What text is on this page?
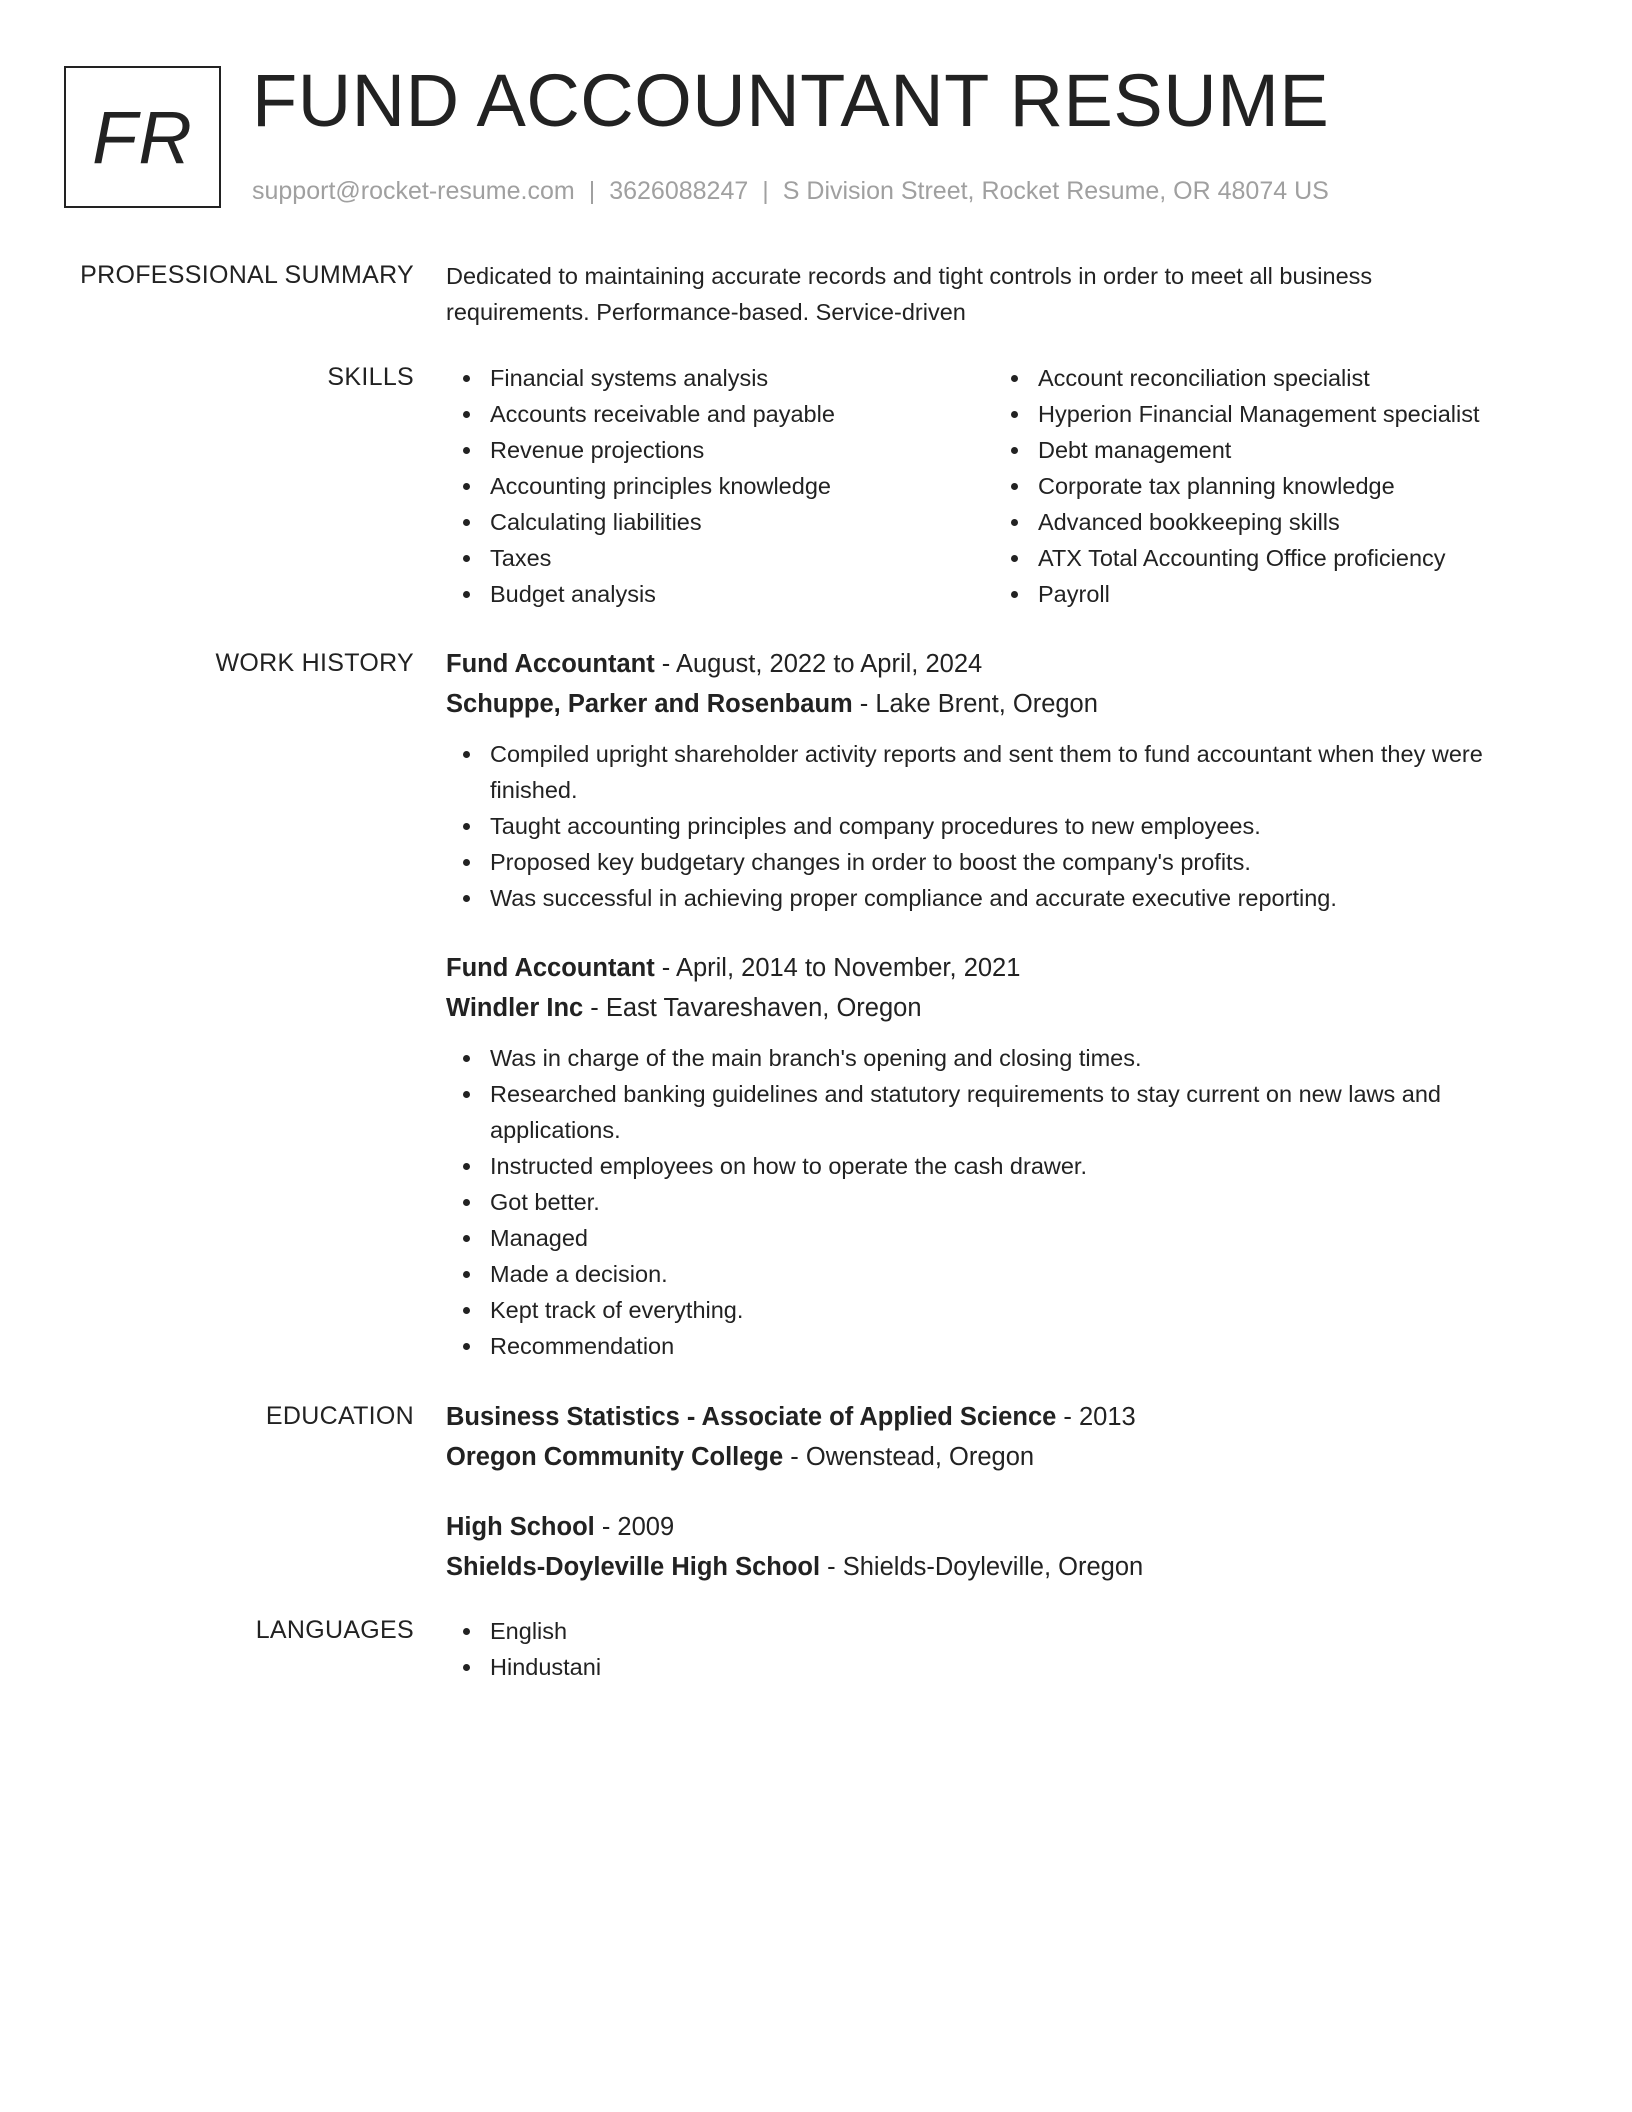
FR FUND ACCOUNTANT RESUME
support@rocket-resume.com | 3626088247 | S Division Street, Rocket Resume, OR 48074 US
PROFESSIONAL SUMMARY Dedicated to maintaining accurate records and tight controls in order to meet all business requirements. Performance-based. Service-driven

SKILLS	Financial systems analysis
Accounts receivable and payable
Revenue projections
Accounting principles knowledge
Calculating liabilities
Taxes
Budget analysis
Account reconciliation specialist
Hyperion Financial Management specialist
Debt management
Corporate tax planning knowledge
Advanced bookkeeping skills
ATX Total Accounting Office proficiency
Payroll
WORK HISTORY Fund Accountant - August, 2022 to April, 2024
Schuppe, Parker and Rosenbaum - Lake Brent, Oregon
Compiled upright shareholder activity reports and sent them to fund accountant when they were finished.
Taught accounting principles and company procedures to new employees.
Proposed key budgetary changes in order to boost the company's profits.
Was successful in achieving proper compliance and accurate executive reporting.
Fund Accountant - April, 2014 to November, 2021
Windler Inc - East Tavareshaven, Oregon
Was in charge of the main branch's opening and closing times.
Researched banking guidelines and statutory requirements to stay current on new laws and applications.
Instructed employees on how to operate the cash drawer.
Got better.
Managed
Made a decision.
Kept track of everything.
Recommendation
EDUCATION Business Statistics - Associate of Applied Science - 2013
Oregon Community College - Owenstead, Oregon
High School - 2009
Shields-Doyleville High School - Shields-Doyleville, Oregon
LANGUAGES	English
Hindustani
